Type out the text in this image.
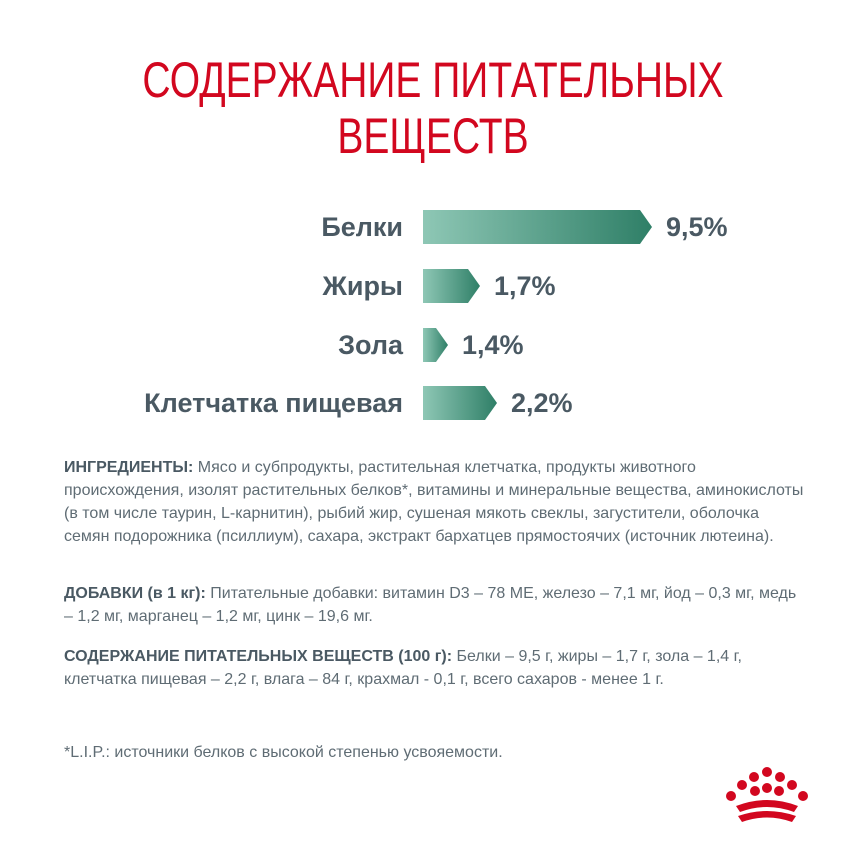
СОДЕРЖАНИЕ ПИТАТЕЛЬНЫХ ВЕЩЕСТВ
Белки	9,5%
Жиры	1,7%
Зола 1,4%
Клетчатка пищевая	2,2%
ИНГРЕДИЕНТЫ: Мясо и субпродукты, растительная клетчатка, продукты животного происхождения, изолят растительных белков*, витамины и минеральные вещества, аминокислоты (в том числе таурин, L-карнитин), рыбий жир, сушеная мякоть свеклы, загустители, оболочка семян подорожника (псиллиум), сахара, экстракт бархатцев прямостоячих (источник лютеина).
ДОБАВКИ (в 1 кг): Питательные добавки: витамин D3 – 78 МЕ, железо – 7,1 мг, йод – 0,3 мг, медь – 1,2 мг, марганец – 1,2 мг, цинк – 19,6 мг.
СОДЕРЖАНИЕ ПИТАТЕЛЬНЫХ ВЕЩЕСТВ (100 г): Белки – 9,5 г, жиры – 1,7 г, зола – 1,4 г, клетчатка пищевая – 2,2 г, влага – 84 г, крахмал - 0,1 г, всего сахаров - менее 1 г.
*L.I.P.: источники белков с высокой степенью усвояемости.
